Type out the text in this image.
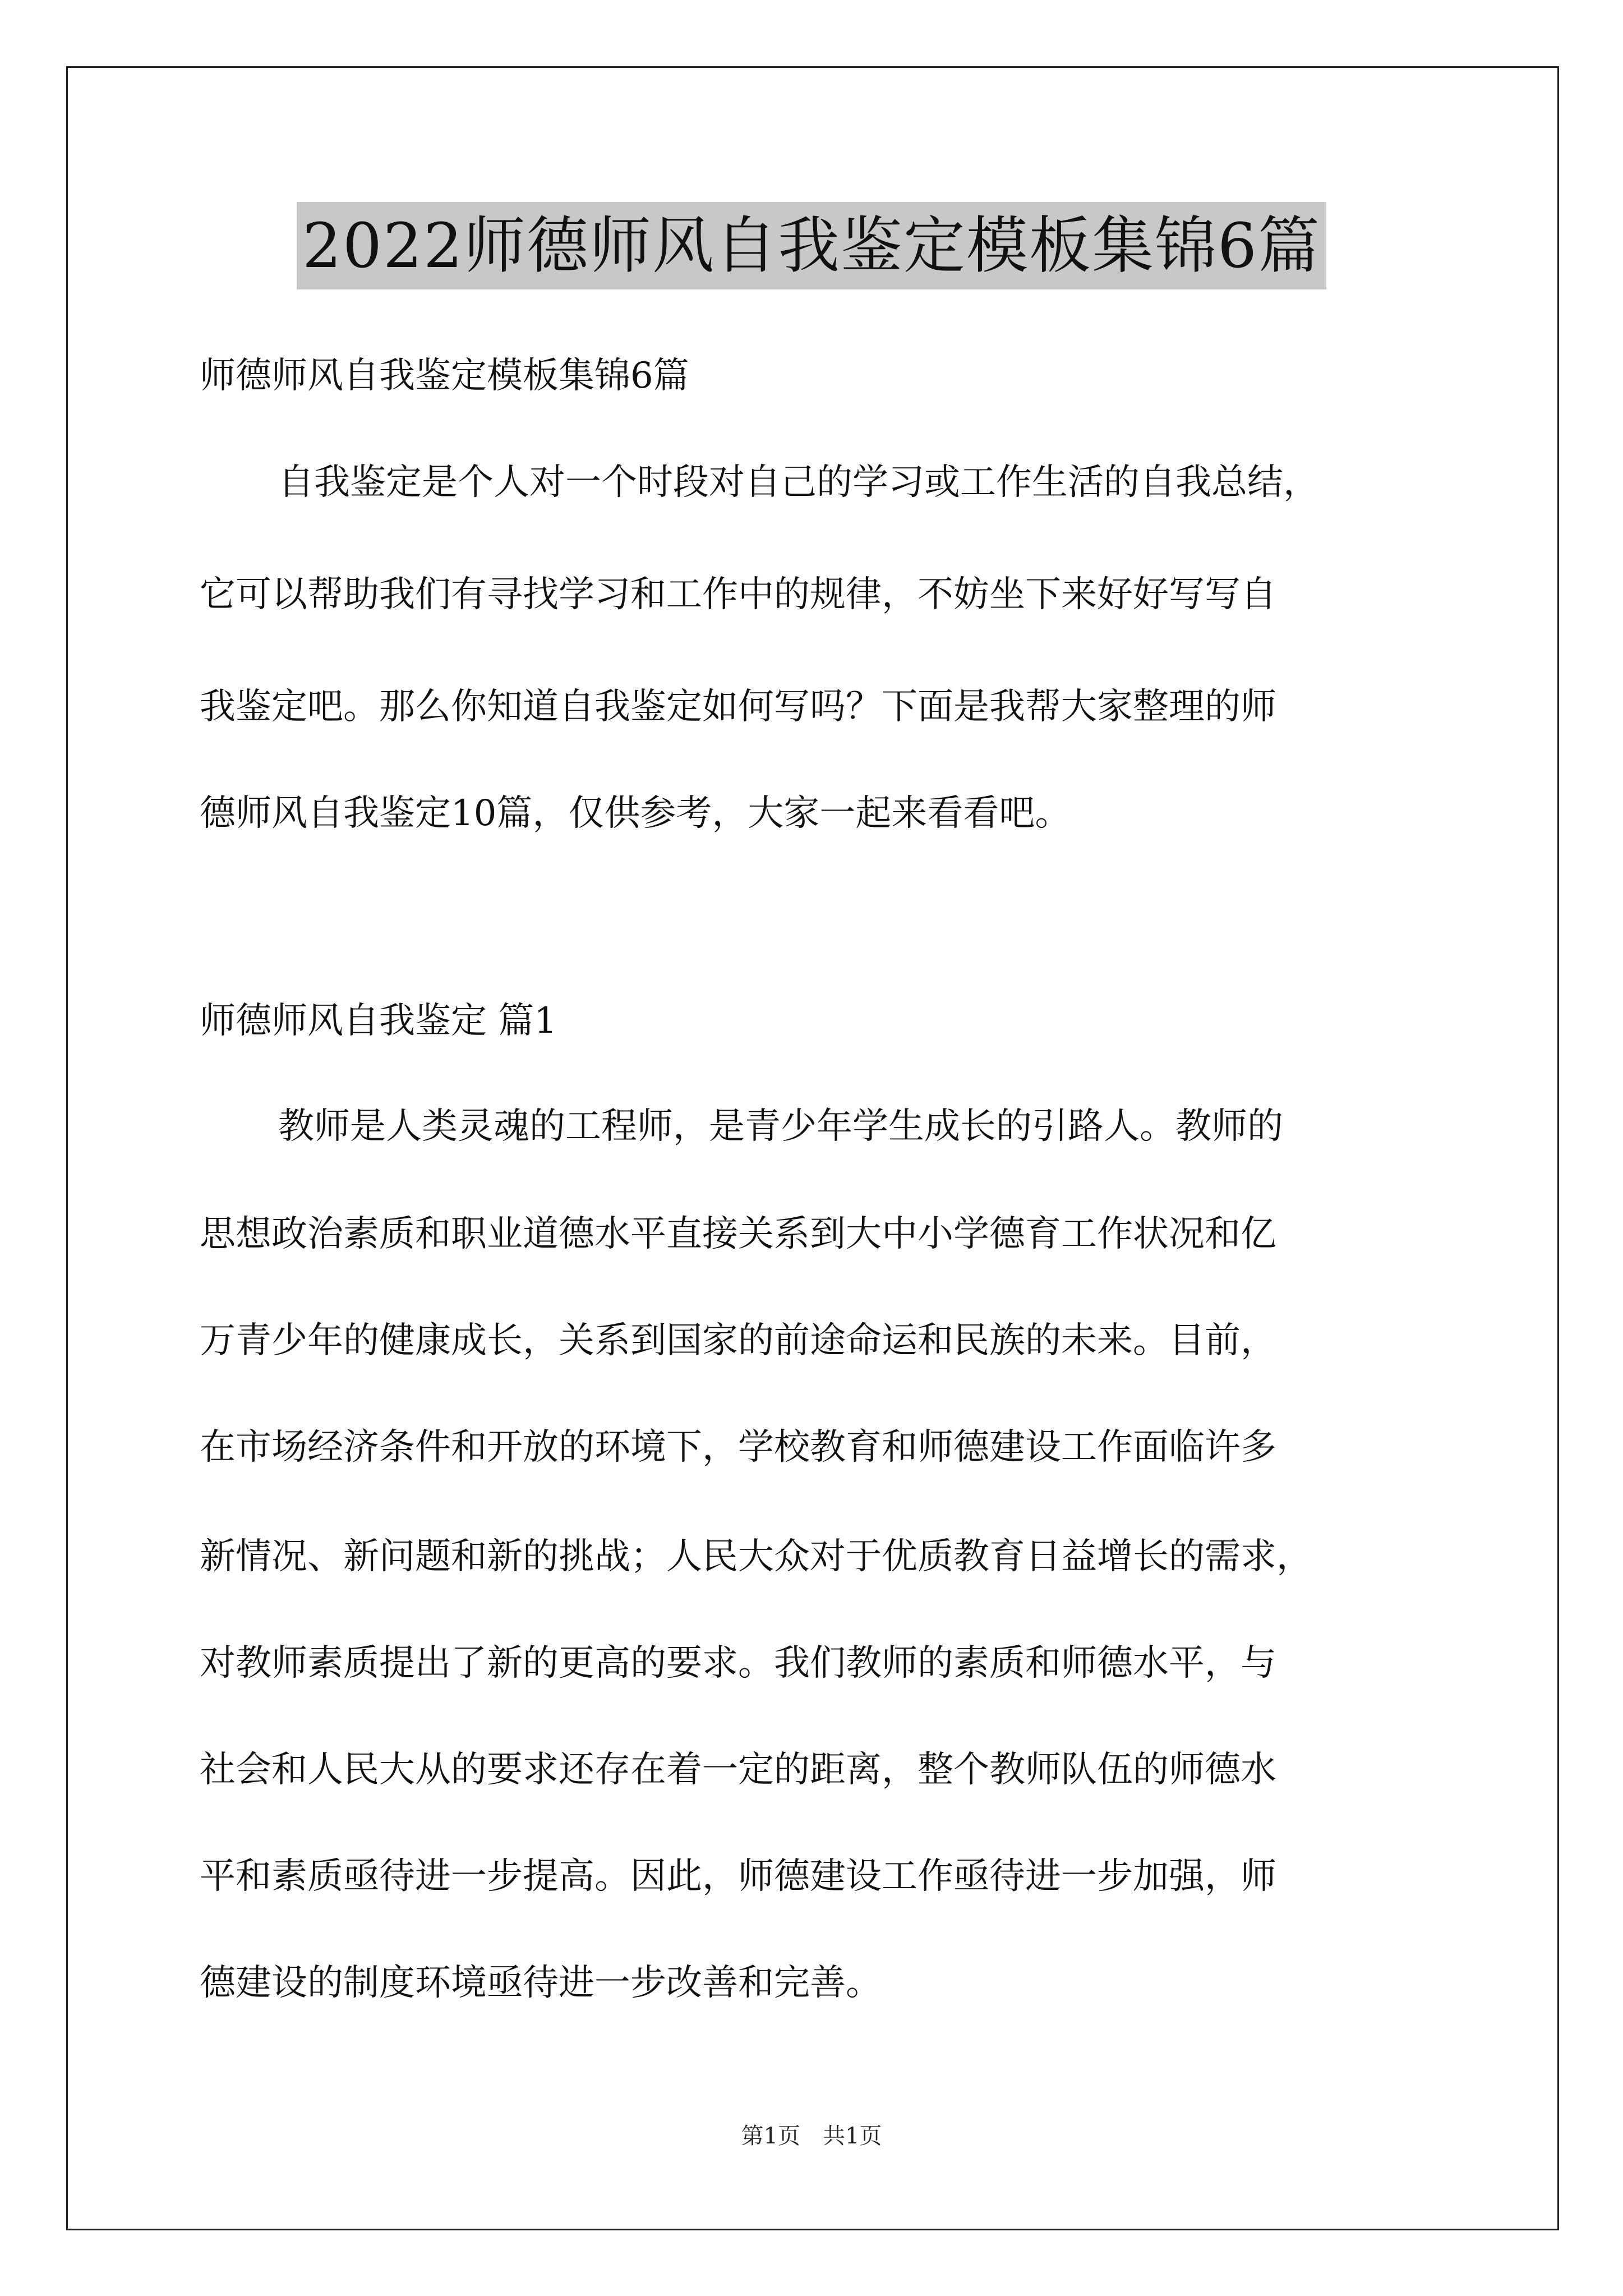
2022师德师风自我鉴定模板集锦6篇
师德师风自我鉴定模板集锦6篇
自我鉴定是个人对一个时段对自己的学习或工作生活的自我总结，
它可以帮助我们有寻找学习和工作中的规律，不妨坐下来好好写写自
我鉴定吧。那么你知道自我鉴定如何写吗？下面是我帮大家整理的师
德师风自我鉴定10篇，仅供参考，大家一起来看看吧。
师德师风自我鉴定 篇1
教师是人类灵魂的工程师，是青少年学生成长的引路人。教师的
思想政治素质和职业道德水平直接关系到大中小学德育工作状况和亿
万青少年的健康成长，关系到国家的前途命运和民族的未来。目前，
在市场经济条件和开放的环境下，学校教育和师德建设工作面临许多
新情况、新问题和新的挑战；人民大众对于优质教育日益增长的需求，
对教师素质提出了新的更高的要求。我们教师的素质和师德水平，与
社会和人民大从的要求还存在着一定的距离，整个教师队伍的师德水
平和素质亟待进一步提高。因此，师德建设工作亟待进一步加强，师
德建设的制度环境亟待进一步改善和完善。
第1页　共1页
